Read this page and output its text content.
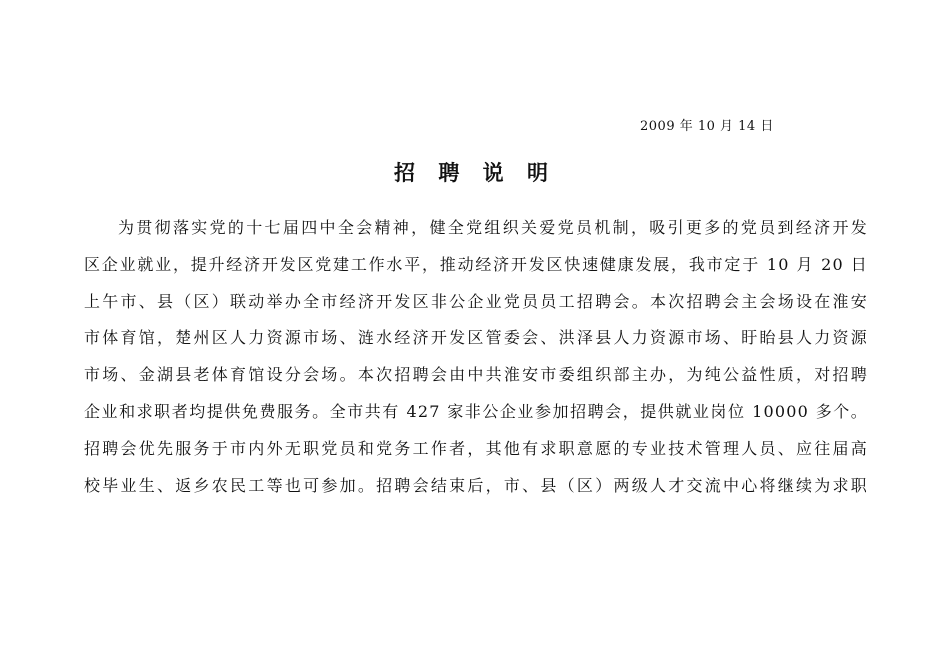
2009 年 10 月 14 日
招 聘 说 明
为贯彻落实党的十七届四中全会精神，健全党组织关爱党员机制，吸引更多的党员到经济开发
区企业就业，提升经济开发区党建工作水平，推动经济开发区快速健康发展，我市定于 10 月 20 日
上午市、县（区）联动举办全市经济开发区非公企业党员员工招聘会。本次招聘会主会场设在淮安
市体育馆，楚州区人力资源市场、涟水经济开发区管委会、洪泽县人力资源市场、盱眙县人力资源
市场、金湖县老体育馆设分会场。本次招聘会由中共淮安市委组织部主办，为纯公益性质，对招聘
企业和求职者均提供免费服务。全市共有 427 家非公企业参加招聘会，提供就业岗位 10000 多个。
招聘会优先服务于市内外无职党员和党务工作者，其他有求职意愿的专业技术管理人员、应往届高
校毕业生、返乡农民工等也可参加。招聘会结束后，市、县（区）两级人才交流中心将继续为求职
